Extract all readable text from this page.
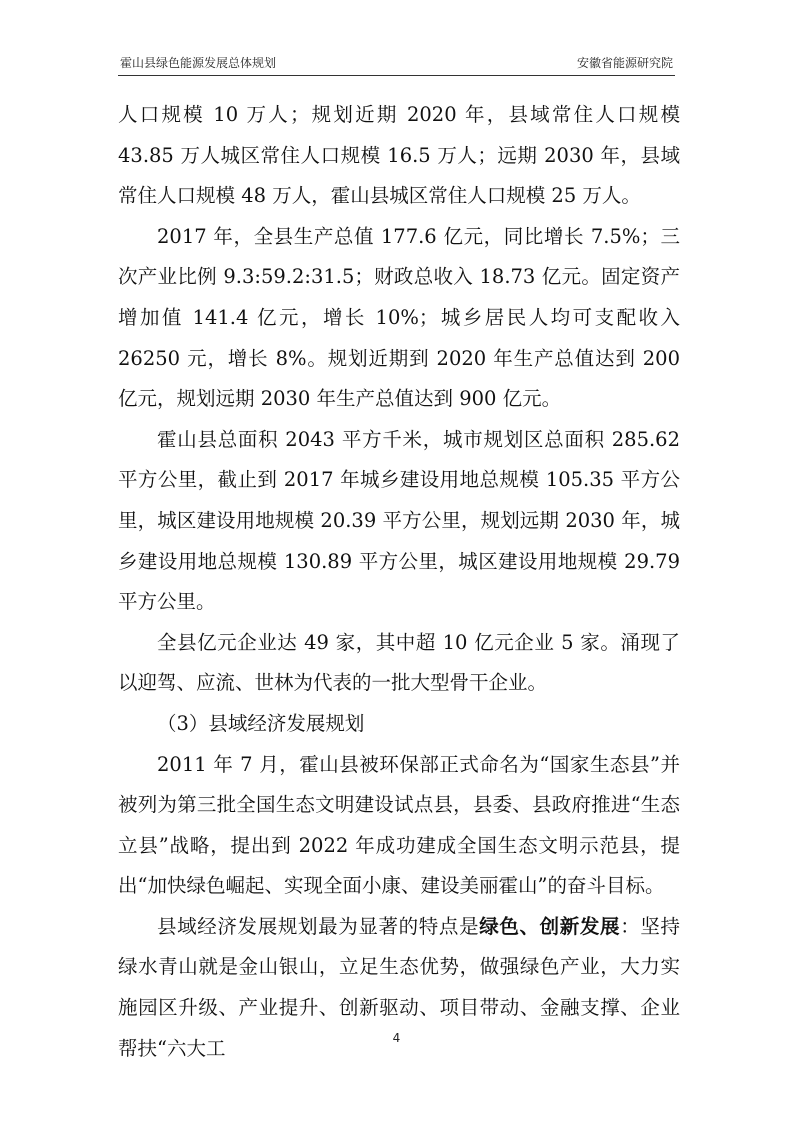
霍山县绿色能源发展总体规划	安徽省能源研究院

人口规模 10 万人；规划近期 2020 年，县域常住人口规模 43.85 万人城区常住人口规模 16.5 万人；远期 2030 年，县域常住人口规模 48 万人，霍山县城区常住人口规模 25 万人。

2017 年，全县生产总值 177.6 亿元，同比增长 7.5%；三次产业比例 9.3:59.2:31.5；财政总收入 18.73 亿元。固定资产增加值 141.4 亿元，增长 10%；城乡居民人均可支配收入 26250 元，增长 8%。规划近期到 2020 年生产总值达到 200 亿元，规划远期 2030 年生产总值达到 900 亿元。

霍山县总面积 2043 平方千米，城市规划区总面积 285.62 平方公里，截止到 2017 年城乡建设用地总规模 105.35 平方公里，城区建设用地规模 20.39 平方公里，规划远期 2030 年，城乡建设用地总规模 130.89 平方公里，城区建设用地规模 29.79 平方公里。

全县亿元企业达 49 家，其中超 10 亿元企业 5 家。涌现了以迎驾、应流、世林为代表的一批大型骨干企业。

（3）县域经济发展规划

2011 年 7 月，霍山县被环保部正式命名为“国家生态县”并被列为第三批全国生态文明建设试点县，县委、县政府推进“生态立县”战略，提出到 2022 年成功建成全国生态文明示范县，提出“加快绿色崛起、实现全面小康、建设美丽霍山”的奋斗目标。

县域经济发展规划最为显著的特点是绿色、创新发展：坚持绿水青山就是金山银山，立足生态优势，做强绿色产业，大力实施园区升级、产业提升、创新驱动、项目带动、金融支撑、企业帮扶“六大工	4
